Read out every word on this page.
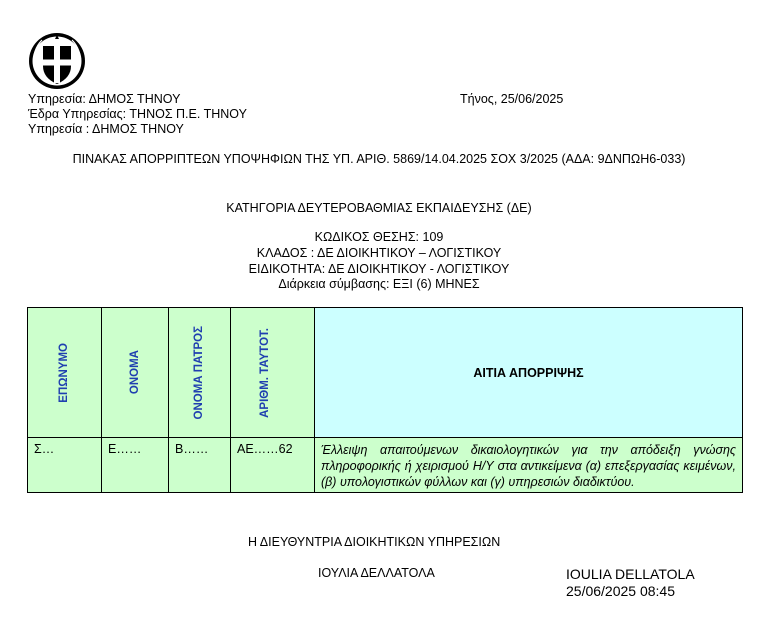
Υπηρεσία: ΔΗΜΟΣ ΤΗΝΟΥ
Έδρα Υπηρεσίας: ΤΗΝΟΣ Π.Ε. ΤΗΝΟΥ
Υπηρεσία : ΔΗΜΟΣ ΤΗΝΟΥ
Τήνος, 25/06/2025
ΠΙΝΑΚΑΣ ΑΠΟΡΡΙΠΤΕΩΝ ΥΠΟΨΗΦΙΩΝ ΤΗΣ ΥΠ. ΑΡΙΘ. 5869/14.04.2025 ΣΟΧ 3/2025 (ΑΔΑ: 9ΔΝΠΩΗ6-033)
ΚΑΤΗΓΟΡΙΑ ΔΕΥΤΕΡΟΒΑΘΜΙΑΣ ΕΚΠΑΙΔΕΥΣΗΣ (ΔΕ)
ΚΩΔΙΚΟΣ ΘΕΣΗΣ: 109
ΚΛΑΔΟΣ : ΔΕ ΔΙΟΙΚΗΤΙΚΟΥ – ΛΟΓΙΣΤΙΚΟΥ
ΕΙΔΙΚΟΤΗΤΑ: ΔΕ ΔΙΟΙΚΗΤΙΚΟΥ - ΛΟΓΙΣΤΙΚΟΥ
Διάρκεια σύμβασης: ΕΞΙ (6) ΜΗΝΕΣ
ΕΠΩΝΥΜΟ	ΟΝΟΜΑ	ΟΝΟΜΑ ΠΑΤΡΟΣ	ΑΡΙΘΜ. ΤΑΥΤΟΤ.	ΑΙΤΙΑ ΑΠΟΡΡΙΨΗΣ
Σ…	Ε……	Β……	ΑΕ……62	Έλλειψη απαιτούμενων δικαιολογητικών για την απόδειξη γνώσης πληροφορικής ή χειρισμού Η/Υ στα αντικείμενα (α) επεξεργασίας κειμένων, (β) υπολογιστικών φύλλων και (γ) υπηρεσιών διαδικτύου.
Η ΔΙΕΥΘΥΝΤΡΙΑ ΔΙΟΙΚΗΤΙΚΩΝ ΥΠΗΡΕΣΙΩΝ
ΙΟΥΛΙΑ ΔΕΛΛΑΤΟΛΑ	IOULIA DELLATOLA
25/06/2025 08:45
